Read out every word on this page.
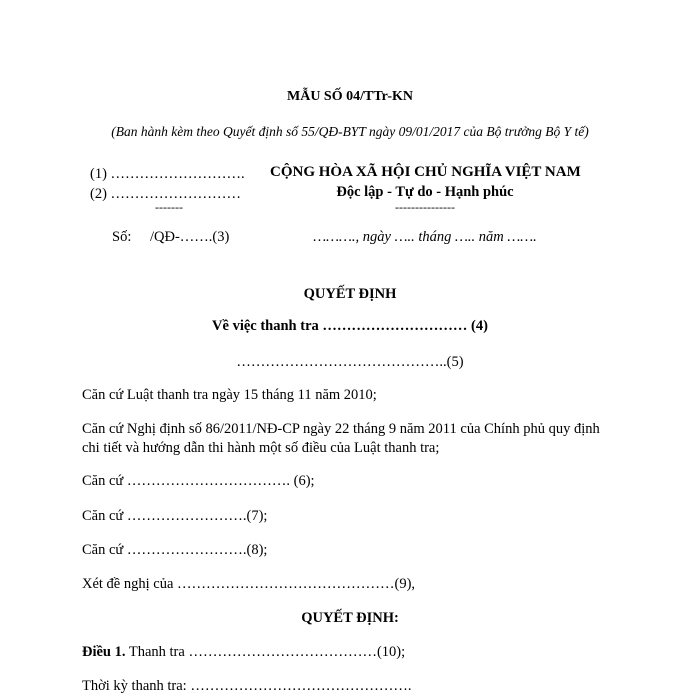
MẪU SỐ 04/TTr-KN
(Ban hành kèm theo Quyết định số 55/QĐ-BYT ngày 09/01/2017 của Bộ trưởng Bộ Y tế)
(1) ……………………….
(2) ………………………
-------
Số: /QĐ-…….(3)
CỘNG HÒA XÃ HỘI CHỦ NGHĨA VIỆT NAM
Độc lập - Tự do - Hạnh phúc
---------------
………., ngày ….. tháng ….. năm …….
QUYẾT ĐỊNH
Về việc thanh tra ………………………… (4)
……………………………………..(5)
Căn cứ Luật thanh tra ngày 15 tháng 11 năm 2010;
Căn cứ Nghị định số 86/2011/NĐ-CP ngày 22 tháng 9 năm 2011 của Chính phủ quy định
chi tiết và hướng dẫn thi hành một số điều của Luật thanh tra;
Căn cứ ……………………………. (6);
Căn cứ …………………….(7);
Căn cứ …………………….(8);
Xét đề nghị của ………………………………………(9),
QUYẾT ĐỊNH:
Điều 1. Thanh tra …………………………………(10);
Thời kỳ thanh tra: ……………………………………….
